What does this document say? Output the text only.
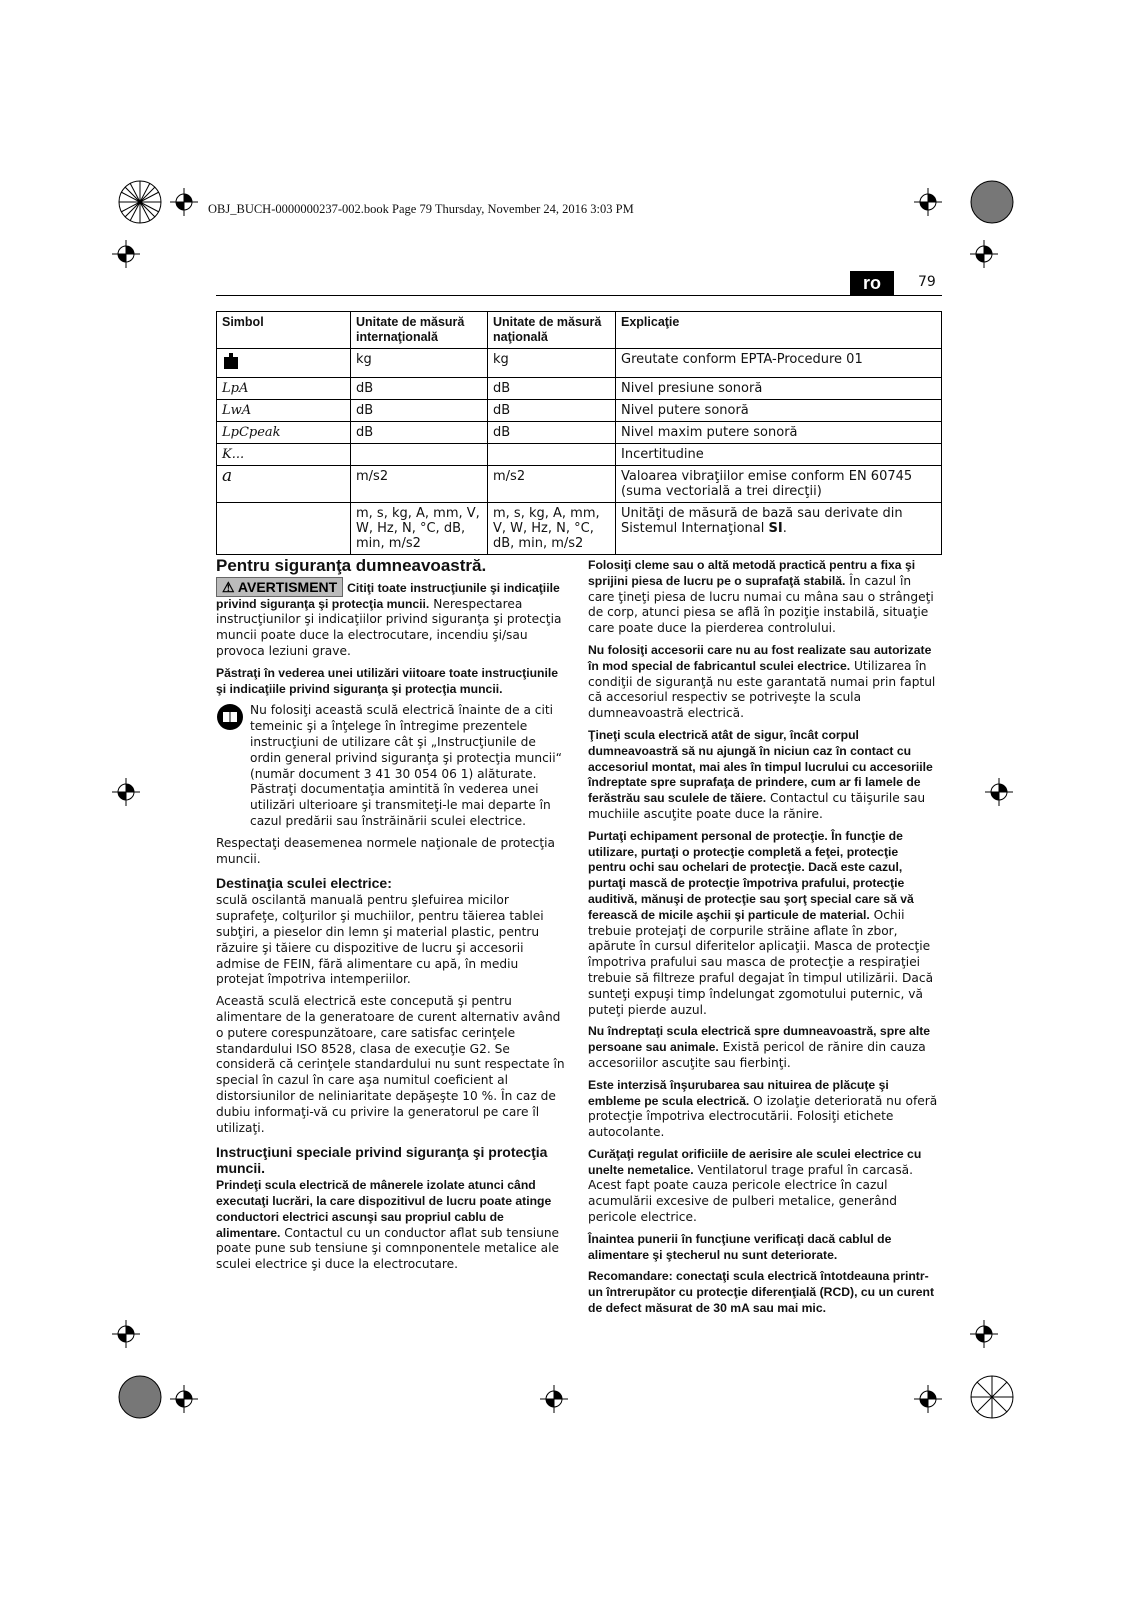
OBJ_BUCH-0000000237-002.book Page 79 Thursday, November 24, 2016 3:03 PM
ro	79
Simbol	Unitate de măsură internaţională	Unitate de măsură naţională	Explicaţie
	kg	kg	Greutate conform EPTA-Procedure 01
LpA	dB	dB	Nivel presiune sonoră
LwA	dB	dB	Nivel putere sonoră
LpCpeak	dB	dB	Nivel maxim putere sonoră
K...			Incertitudine
a	m/s2	m/s2	Valoarea vibraţiilor emise conform EN 60745 (suma vectorială a trei direcţii)
	m, s, kg, A, mm, V, W, Hz, N, °C, dB, min, m/s2	m, s, kg, A, mm, V, W, Hz, N, °C, dB, min, m/s2	Unităţi de măsură de bază sau derivate din Sistemul Internaţional SI.
Pentru siguranţa dumneavoastră.

⚠ AVERTISMENT Citiţi toate instrucţiunile şi indicaţiile privind siguranţa şi protecţia muncii. Nerespectarea instrucţiunilor şi indicaţiilor privind siguranţa şi protecţia muncii poate duce la electrocutare, incendiu şi/sau provoca leziuni grave.

Păstraţi în vederea unei utilizări viitoare toate instrucţiunile şi indicaţiile privind siguranţa şi protecţia muncii.

Nu folosiţi această sculă electrică înainte de a citi temeinic şi a înţelege în întregime prezentele instrucţiuni de utilizare cât şi „Instrucţiunile de ordin general privind siguranţa şi protecţia muncii“ (număr document 3 41 30 054 06 1) alăturate. Păstraţi documentaţia amintită în vederea unei utilizări ulterioare şi transmiteţi-le mai departe în cazul predării sau înstrăinării sculei electrice.

Respectaţi deasemenea normele naţionale de protecţia muncii.

Destinaţia sculei electrice:

sculă oscilantă manuală pentru şlefuirea micilor suprafeţe, colţurilor şi muchiilor, pentru tăierea tablei subţiri, a pieselor din lemn şi material plastic, pentru răzuire şi tăiere cu dispozitive de lucru şi accesorii admise de FEIN, fără alimentare cu apă, în mediu protejat împotriva intemperiilor.

Această sculă electrică este concepută şi pentru alimentare de la generatoare de curent alternativ având o putere corespunzătoare, care satisfac cerinţele standardului ISO 8528, clasa de execuţie G2. Se consideră că cerinţele standardului nu sunt respectate în special în cazul în care aşa numitul coeficient al distorsiunilor de neliniaritate depăşeşte 10 %. În caz de dubiu informaţi-vă cu privire la generatorul pe care îl utilizaţi.

Instrucţiuni speciale privind siguranţa şi protecţia muncii.

Prindeţi scula electrică de mânerele izolate atunci când executaţi lucrări, la care dispozitivul de lucru poate atinge conductori electrici ascunşi sau propriul cablu de alimentare. Contactul cu un conductor aflat sub tensiune poate pune sub tensiune şi comnponentele metalice ale sculei electrice şi duce la electrocutare.

Folosiţi cleme sau o altă metodă practică pentru a fixa şi sprijini piesa de lucru pe o suprafaţă stabilă. În cazul în care ţineţi piesa de lucru numai cu mâna sau o strângeţi de corp, atunci piesa se află în poziţie instabilă, situaţie care poate duce la pierderea controlului.

Nu folosiţi accesorii care nu au fost realizate sau autorizate în mod special de fabricantul sculei electrice. Utilizarea în condiţii de siguranţă nu este garantată numai prin faptul că accesoriul respectiv se potriveşte la scula dumneavoastră electrică.

Ţineţi scula electrică atât de sigur, încât corpul dumneavoastră să nu ajungă în niciun caz în contact cu accesoriul montat, mai ales în timpul lucrului cu accesoriile îndreptate spre suprafaţa de prindere, cum ar fi lamele de ferăstrău sau sculele de tăiere. Contactul cu tăişurile sau muchiile ascuţite poate duce la rănire.

Purtaţi echipament personal de protecţie. În funcţie de utilizare, purtaţi o protecţie completă a feţei, protecţie pentru ochi sau ochelari de protecţie. Dacă este cazul, purtaţi mască de protecţie împotriva prafului, protecţie auditivă, mănuşi de protecţie sau şorţ special care să vă ferească de micile aşchii şi particule de material. Ochii trebuie protejaţi de corpurile străine aflate în zbor, apărute în cursul diferitelor aplicaţii. Masca de protecţie împotriva prafului sau masca de protecţie a respiraţiei trebuie să filtreze praful degajat în timpul utilizării. Dacă sunteţi expuşi timp îndelungat zgomotului puternic, vă puteţi pierde auzul.

Nu îndreptaţi scula electrică spre dumneavoastră, spre alte persoane sau animale. Există pericol de rănire din cauza accesoriilor ascuţite sau fierbinţi.

Este interzisă înşurubarea sau nituirea de plăcuţe şi embleme pe scula electrică. O izolaţie deteriorată nu oferă protecţie împotriva electrocutării. Folosiţi etichete autocolante.

Curăţaţi regulat orificiile de aerisire ale sculei electrice cu unelte nemetalice. Ventilatorul trage praful în carcasă. Acest fapt poate cauza pericole electrice în cazul acumulării excesive de pulberi metalice, generând pericole electrice.

Înaintea punerii în funcţiune verificaţi dacă cablul de alimentare şi ştecherul nu sunt deteriorate.

Recomandare: conectaţi scula electrică întotdeauna printr-un întrerupător cu protecţie diferenţială (RCD), cu un curent de defect măsurat de 30 mA sau mai mic.
